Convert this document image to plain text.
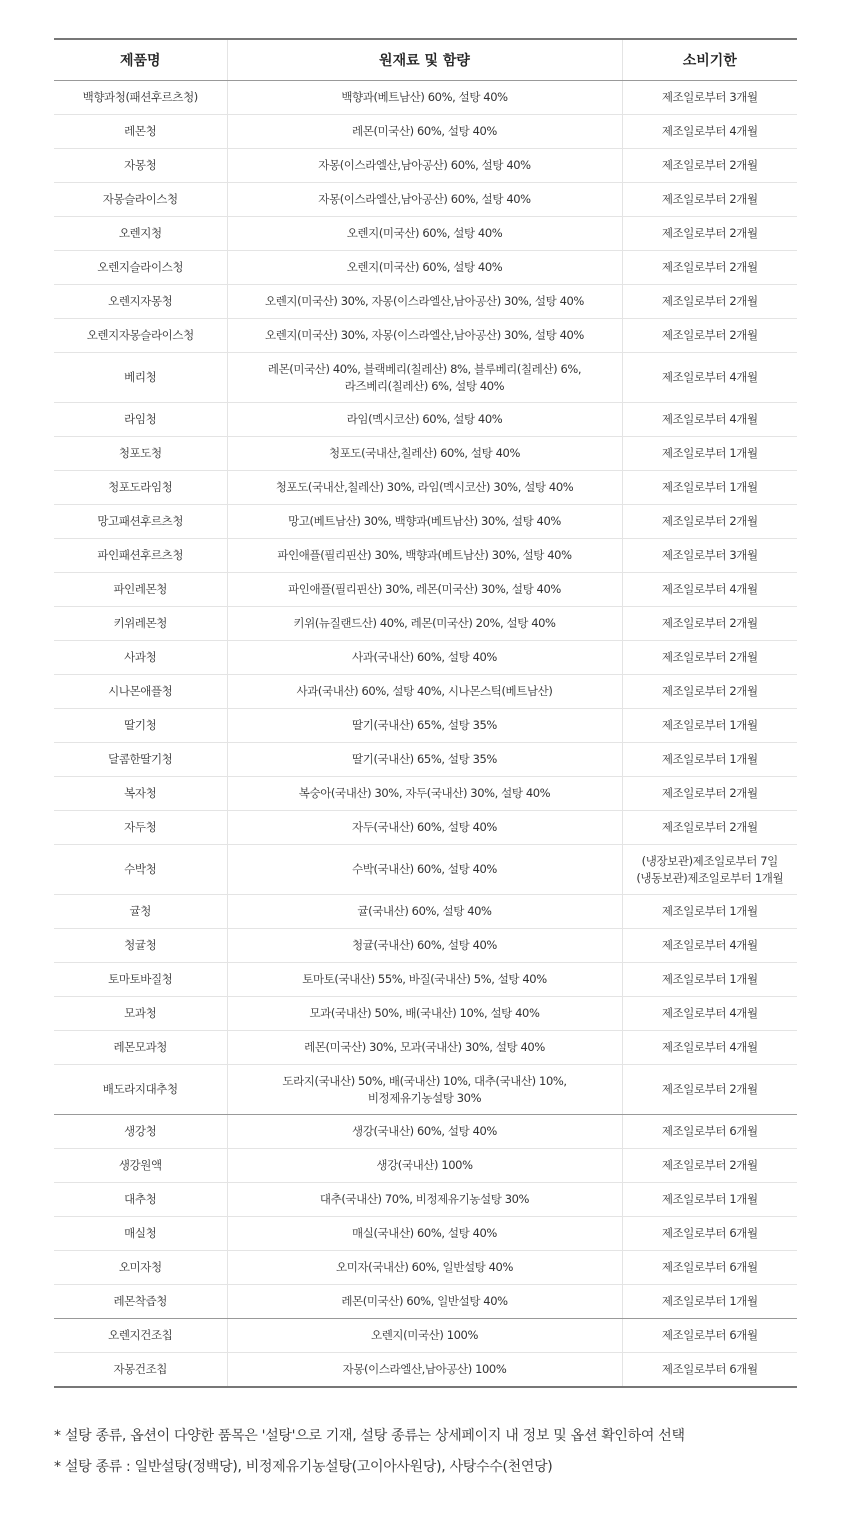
제품명	원재료 및 함량	소비기한
백향과청(패션후르츠청)	백향과(베트남산) 60%, 설탕 40%	제조일로부터 3개월
레몬청	레몬(미국산) 60%, 설탕 40%	제조일로부터 4개월
자몽청	자몽(이스라엘산,남아공산) 60%, 설탕 40%	제조일로부터 2개월
자몽슬라이스청	자몽(이스라엘산,남아공산) 60%, 설탕 40%	제조일로부터 2개월
오렌지청	오렌지(미국산) 60%, 설탕 40%	제조일로부터 2개월
오렌지슬라이스청	오렌지(미국산) 60%, 설탕 40%	제조일로부터 2개월
오렌지자몽청	오렌지(미국산) 30%, 자몽(이스라엘산,남아공산) 30%, 설탕 40%	제조일로부터 2개월
오렌지자몽슬라이스청	오렌지(미국산) 30%, 자몽(이스라엘산,남아공산) 30%, 설탕 40%	제조일로부터 2개월
베리청	레몬(미국산) 40%, 블랙베리(칠레산) 8%, 블루베리(칠레산) 6%,
라즈베리(칠레산) 6%, 설탕 40%	제조일로부터 4개월
라임청	라임(멕시코산) 60%, 설탕 40%	제조일로부터 4개월
청포도청	청포도(국내산,칠레산) 60%, 설탕 40%	제조일로부터 1개월
청포도라임청	청포도(국내산,칠레산) 30%, 라임(멕시코산) 30%, 설탕 40%	제조일로부터 1개월
망고패션후르츠청	망고(베트남산) 30%, 백향과(베트남산) 30%, 설탕 40%	제조일로부터 2개월
파인패션후르츠청	파인애플(필리핀산) 30%, 백향과(베트남산) 30%, 설탕 40%	제조일로부터 3개월
파인레몬청	파인애플(필리핀산) 30%, 레몬(미국산) 30%, 설탕 40%	제조일로부터 4개월
키위레몬청	키위(뉴질랜드산) 40%, 레몬(미국산) 20%, 설탕 40%	제조일로부터 2개월
사과청	사과(국내산) 60%, 설탕 40%	제조일로부터 2개월
시나몬애플청	사과(국내산) 60%, 설탕 40%, 시나몬스틱(베트남산)	제조일로부터 2개월
딸기청	딸기(국내산) 65%, 설탕 35%	제조일로부터 1개월
달콤한딸기청	딸기(국내산) 65%, 설탕 35%	제조일로부터 1개월
복자청	복숭아(국내산) 30%, 자두(국내산) 30%, 설탕 40%	제조일로부터 2개월
자두청	자두(국내산) 60%, 설탕 40%	제조일로부터 2개월
수박청	수박(국내산) 60%, 설탕 40%	(냉장보관)제조일로부터 7일
(냉동보관)제조일로부터 1개월
귤청	귤(국내산) 60%, 설탕 40%	제조일로부터 1개월
청귤청	청귤(국내산) 60%, 설탕 40%	제조일로부터 4개월
토마토바질청	토마토(국내산) 55%, 바질(국내산) 5%, 설탕 40%	제조일로부터 1개월
모과청	모과(국내산) 50%, 배(국내산) 10%, 설탕 40%	제조일로부터 4개월
레몬모과청	레몬(미국산) 30%, 모과(국내산) 30%, 설탕 40%	제조일로부터 4개월
배도라지대추청	도라지(국내산) 50%, 배(국내산) 10%, 대추(국내산) 10%,
비정제유기농설탕 30%	제조일로부터 2개월
생강청	생강(국내산) 60%, 설탕 40%	제조일로부터 6개월
생강원액	생강(국내산) 100%	제조일로부터 2개월
대추청	대추(국내산) 70%, 비정제유기농설탕 30%	제조일로부터 1개월
매실청	매실(국내산) 60%, 설탕 40%	제조일로부터 6개월
오미자청	오미자(국내산) 60%, 일반설탕 40%	제조일로부터 6개월
레몬착즙청	레몬(미국산) 60%, 일반설탕 40%	제조일로부터 1개월
오렌지건조칩	오렌지(미국산) 100%	제조일로부터 6개월
자몽건조칩	자몽(이스라엘산,남아공산) 100%	제조일로부터 6개월
* 설탕 종류, 옵션이 다양한 품목은 '설탕'으로 기재, 설탕 종류는 상세페이지 내 정보 및 옵션 확인하여 선택
* 설탕 종류 : 일반설탕(정백당), 비정제유기농설탕(고이아사원당), 사탕수수(천연당)
